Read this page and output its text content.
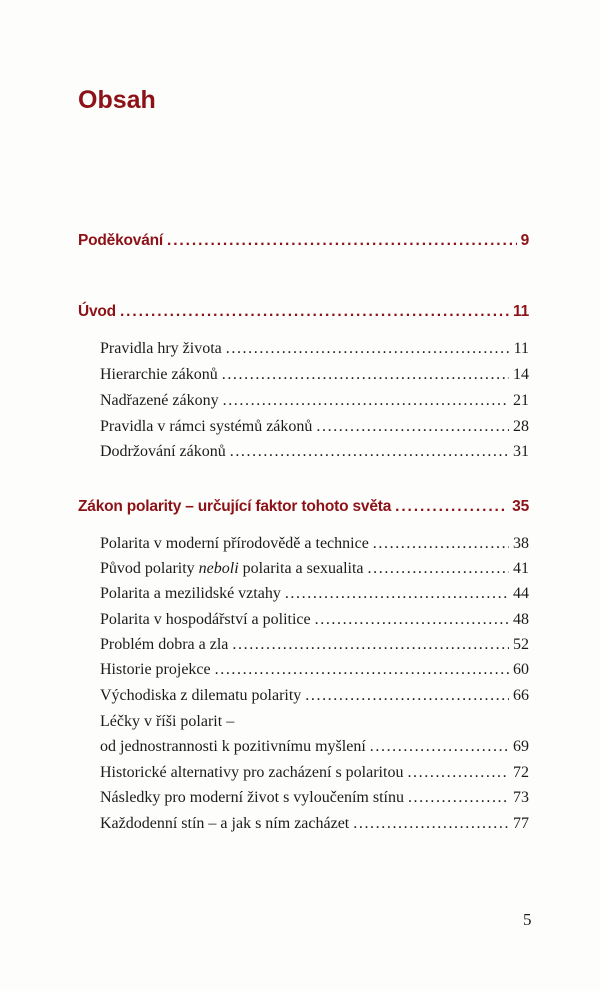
Obsah
Poděkování . . .	9
Úvod . . .	11
Pravidla hry života . . .	11
Hierarchie zákonů . . .	14
Nadřazené zákony . . .	21
Pravidla v rámci systémů zákonů . . .	28
Dodržování zákonů . . .	31
Zákon polarity – určující faktor tohoto světa . . .	35
Polarita v moderní přírodovědě a technice . . .	38
Původ polarity neboli polarita a sexualita . . .	41
Polarita a mezilidské vztahy . . .	44
Polarita v hospodářství a politice . . .	48
Problém dobra a zla . . .	52
Historie projekce . . .	60
Východiska z dilematu polarity . . .	66
Léčky v říši polarit –
od jednostrannosti k pozitivnímu myšlení . . .	69
Historické alternativy pro zacházení s polaritou . . .	72
Následky pro moderní život s vyloučením stínu . . .	73
Každodenní stín – a jak s ním zacházet . . .	77
5
